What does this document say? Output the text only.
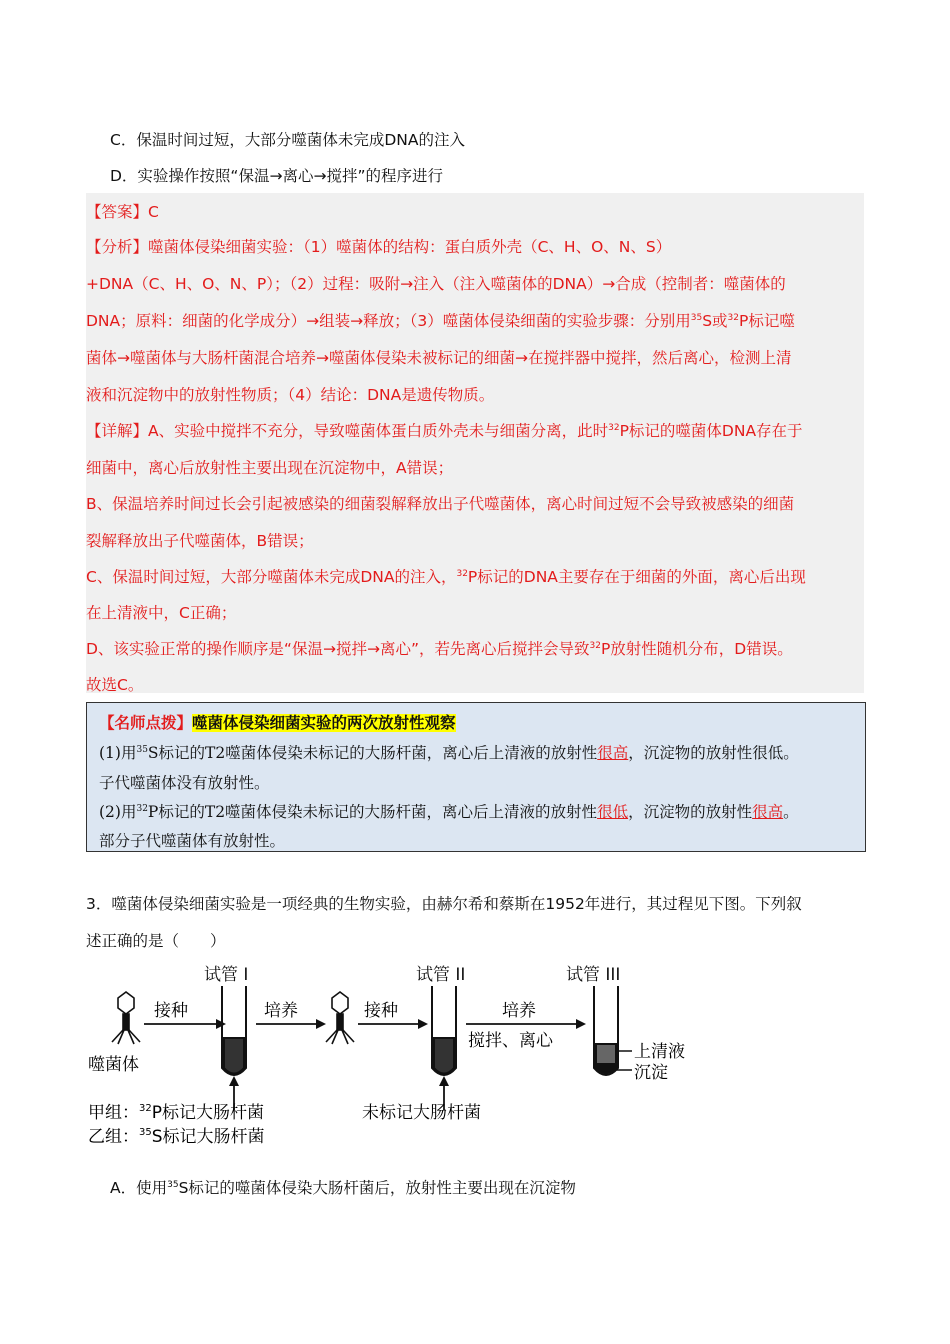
C．保温时间过短，大部分噬菌体未完成DNA的注入
D．实验操作按照“保温→离心→搅拌”的程序进行
【答案】C
【分析】噬菌体侵染细菌实验：（1）噬菌体的结构：蛋白质外壳（C、H、O、N、S）
+DNA（C、H、O、N、P）；（2）过程：吸附→注入（注入噬菌体的DNA）→合成（控制者：噬菌体的
DNA；原料：细菌的化学成分）→组装→释放；（3）噬菌体侵染细菌的实验步骤：分别用$^{35}$S或$^{32}$P标记噬
菌体→噬菌体与大肠杆菌混合培养→噬菌体侵染未被标记的细菌→在搅拌器中搅拌，然后离心，检测上清
液和沉淀物中的放射性物质；（4）结论：DNA是遗传物质。
【详解】A、实验中搅拌不充分，导致噬菌体蛋白质外壳未与细菌分离，此时$^{32}$P标记的噬菌体DNA存在于
细菌中，离心后放射性主要出现在沉淀物中，A错误；
B、保温培养时间过长会引起被感染的细菌裂解释放出子代噬菌体，离心时间过短不会导致被感染的细菌
裂解释放出子代噬菌体，B错误；
C、保温时间过短，大部分噬菌体未完成DNA的注入，$^{32}$P标记的DNA主要存在于细菌的外面，离心后出现
在上清液中，C正确；
D、该实验正常的操作顺序是“保温→搅拌→离心”，若先离心后搅拌会导致$^{32}$P放射性随机分布，D错误。
故选C。
【名师点拨】噬菌体侵染细菌实验的两次放射性观察
(1)用$^{35}$S标记的T2噬菌体侵染未标记的大肠杆菌，离心后上清液的放射性很高，沉淀物的放射性很低。
子代噬菌体没有放射性。
(2)用$^{32}$P标记的T2噬菌体侵染未标记的大肠杆菌，离心后上清液的放射性很低，沉淀物的放射性很高。
部分子代噬菌体有放射性。
3．噬菌体侵染细菌实验是一项经典的生物实验，由赫尔希和蔡斯在1952年进行，其过程见下图。下列叙
述正确的是（　　）
试管 I	试管 II	试管 III
噬菌体
接种	培养	接种	培养
搅拌、离心
上清液
沉淀
甲组：$^{32}$P标记大肠杆菌
乙组：$^{35}$S标记大肠杆菌
未标记大肠杆菌
A．使用$^{35}$S标记的噬菌体侵染大肠杆菌后，放射性主要出现在沉淀物
